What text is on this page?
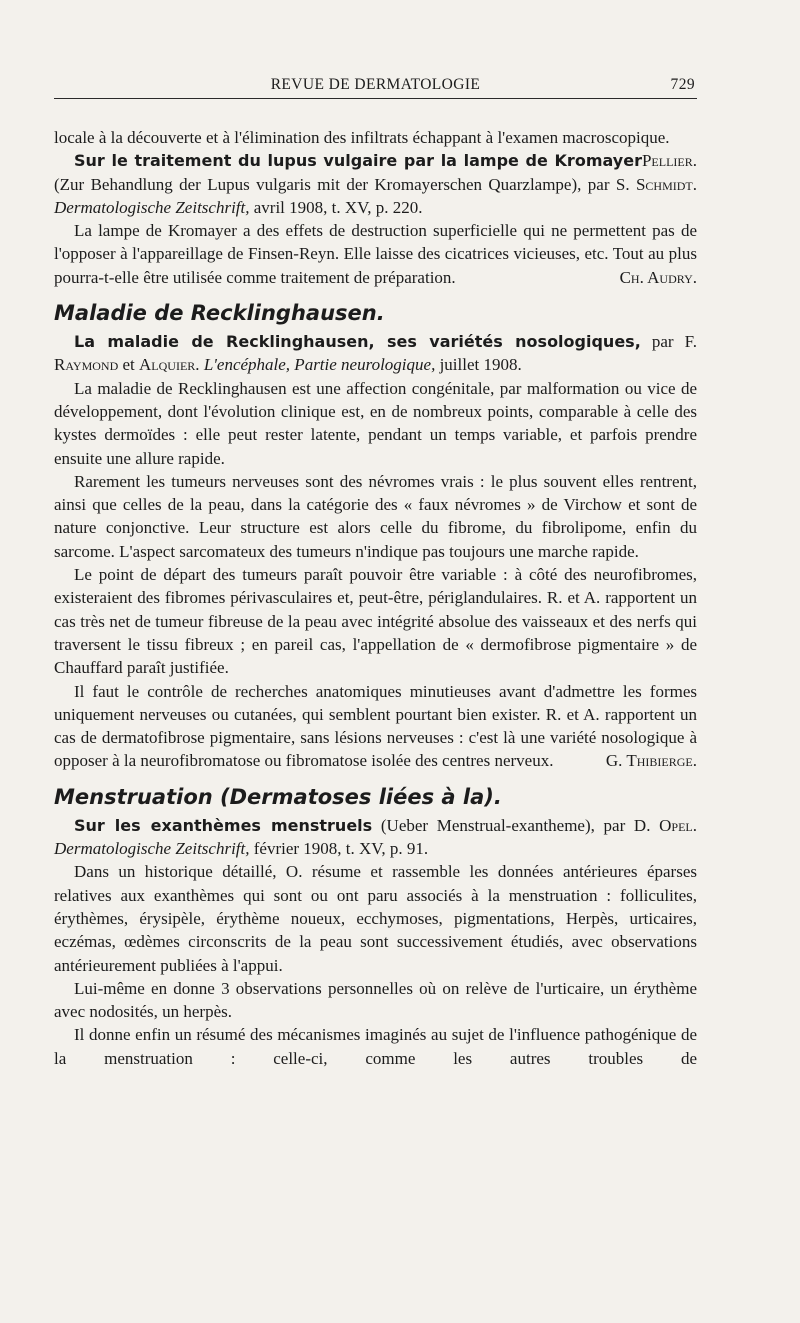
REVUE DE DERMATOLOGIE	729

locale à la découverte et à l'élimination des infiltrats échappant à l'examen macroscopique.
Pellier.

Sur le traitement du lupus vulgaire par la lampe de Kromayer (Zur Behandlung der Lupus vulgaris mit der Kromayerschen Quarzlampe), par S. Schmidt. Dermatologische Zeitschrift, avril 1908, t. XV, p. 220.

La lampe de Kromayer a des effets de destruction superficielle qui ne permettent pas de l'opposer à l'appareillage de Finsen-Reyn. Elle laisse des cicatrices vicieuses, etc. Tout au plus pourra-t-elle être utilisée comme traitement de préparation.	Ch. Audry.

Maladie de Recklinghausen.

La maladie de Recklinghausen, ses variétés nosologiques, par F. Raymond et Alquier. L'encéphale, Partie neurologique, juillet 1908.

La maladie de Recklinghausen est une affection congénitale, par malformation ou vice de développement, dont l'évolution clinique est, en de nombreux points, comparable à celle des kystes dermoïdes : elle peut rester latente, pendant un temps variable, et parfois prendre ensuite une allure rapide.

Rarement les tumeurs nerveuses sont des névromes vrais : le plus souvent elles rentrent, ainsi que celles de la peau, dans la catégorie des « faux névromes » de Virchow et sont de nature conjonctive. Leur structure est alors celle du fibrome, du fibrolipome, enfin du sarcome. L'aspect sarcomateux des tumeurs n'indique pas toujours une marche rapide.

Le point de départ des tumeurs paraît pouvoir être variable : à côté des neurofibromes, existeraient des fibromes périvasculaires et, peut-être, périglandulaires. R. et A. rapportent un cas très net de tumeur fibreuse de la peau avec intégrité absolue des vaisseaux et des nerfs qui traversent le tissu fibreux ; en pareil cas, l'appellation de « dermofibrose pigmentaire » de Chauffard paraît justifiée.

Il faut le contrôle de recherches anatomiques minutieuses avant d'admettre les formes uniquement nerveuses ou cutanées, qui semblent pourtant bien exister. R. et A. rapportent un cas de dermatofibrose pigmentaire, sans lésions nerveuses : c'est là une variété nosologique à opposer à la neurofibromatose ou fibromatose isolée des centres nerveux.	G. Thibierge.

Menstruation (Dermatoses liées à la).

Sur les exanthèmes menstruels (Ueber Menstrual-exantheme), par D. Opel. Dermatologische Zeitschrift, février 1908, t. XV, p. 91.

Dans un historique détaillé, O. résume et rassemble les données antérieures éparses relatives aux exanthèmes qui sont ou ont paru associés à la menstruation : folliculites, érythèmes, érysipèle, érythème noueux, ecchymoses, pigmentations, Herpès, urticaires, eczémas, œdèmes circonscrits de la peau sont successivement étudiés, avec observations antérieurement publiées à l'appui.

Lui-même en donne 3 observations personnelles où on relève de l'urticaire, un érythème avec nodosités, un herpès.

Il donne enfin un résumé des mécanismes imaginés au sujet de l'influence pathogénique de la menstruation : celle-ci, comme les autres troubles de
